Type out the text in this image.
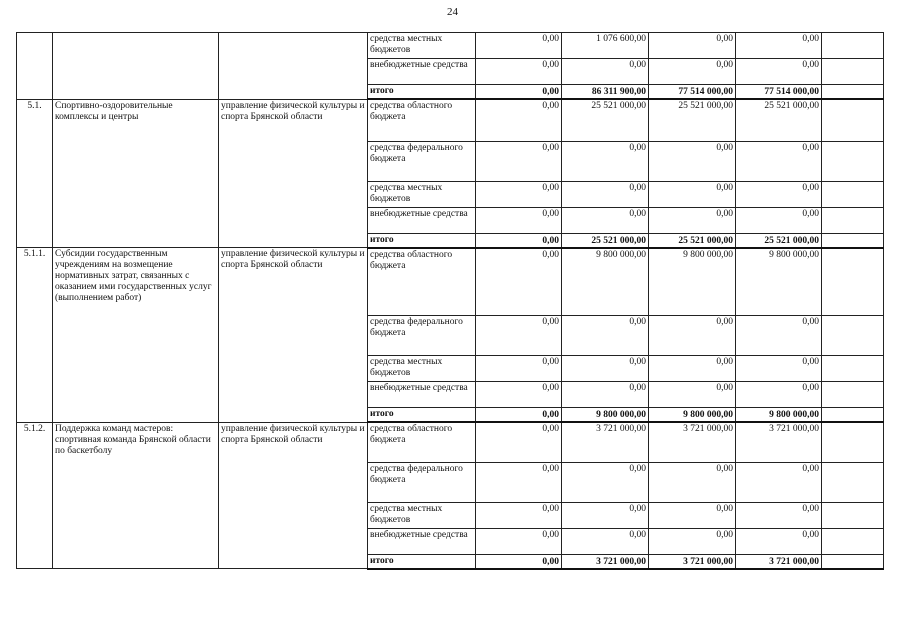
24
			средства местных бюджетов	0,00	1 076 600,00	0,00	0,00	
			внебюджетные средства	0,00	0,00	0,00	0,00	
			итого	0,00	86 311 900,00	77 514 000,00	77 514 000,00	
5.1.	Спортивно-оздоровительные комплексы и центры	управление физической культуры и спорта Брянской области	средства областного бюджета	0,00	25 521 000,00	25 521 000,00	25 521 000,00	
			средства федерального бюджета	0,00	0,00	0,00	0,00	
			средства местных бюджетов	0,00	0,00	0,00	0,00	
			внебюджетные средства	0,00	0,00	0,00	0,00	
			итого	0,00	25 521 000,00	25 521 000,00	25 521 000,00	
5.1.1.	Субсидии государственным учреждениям на возмещение нормативных затрат, связанных с оказанием ими государственных услуг (выполнением работ)	управление физической культуры и спорта Брянской области	средства областного бюджета	0,00	9 800 000,00	9 800 000,00	9 800 000,00	
			средства федерального бюджета	0,00	0,00	0,00	0,00	
			средства местных бюджетов	0,00	0,00	0,00	0,00	
			внебюджетные средства	0,00	0,00	0,00	0,00	
			итого	0,00	9 800 000,00	9 800 000,00	9 800 000,00	
5.1.2.	Поддержка команд мастеров: спортивная команда Брянской области по баскетболу	управление физической культуры и спорта Брянской области	средства областного бюджета	0,00	3 721 000,00	3 721 000,00	3 721 000,00	
			средства федерального бюджета	0,00	0,00	0,00	0,00	
			средства местных бюджетов	0,00	0,00	0,00	0,00	
			внебюджетные средства	0,00	0,00	0,00	0,00	
			итого	0,00	3 721 000,00	3 721 000,00	3 721 000,00	
